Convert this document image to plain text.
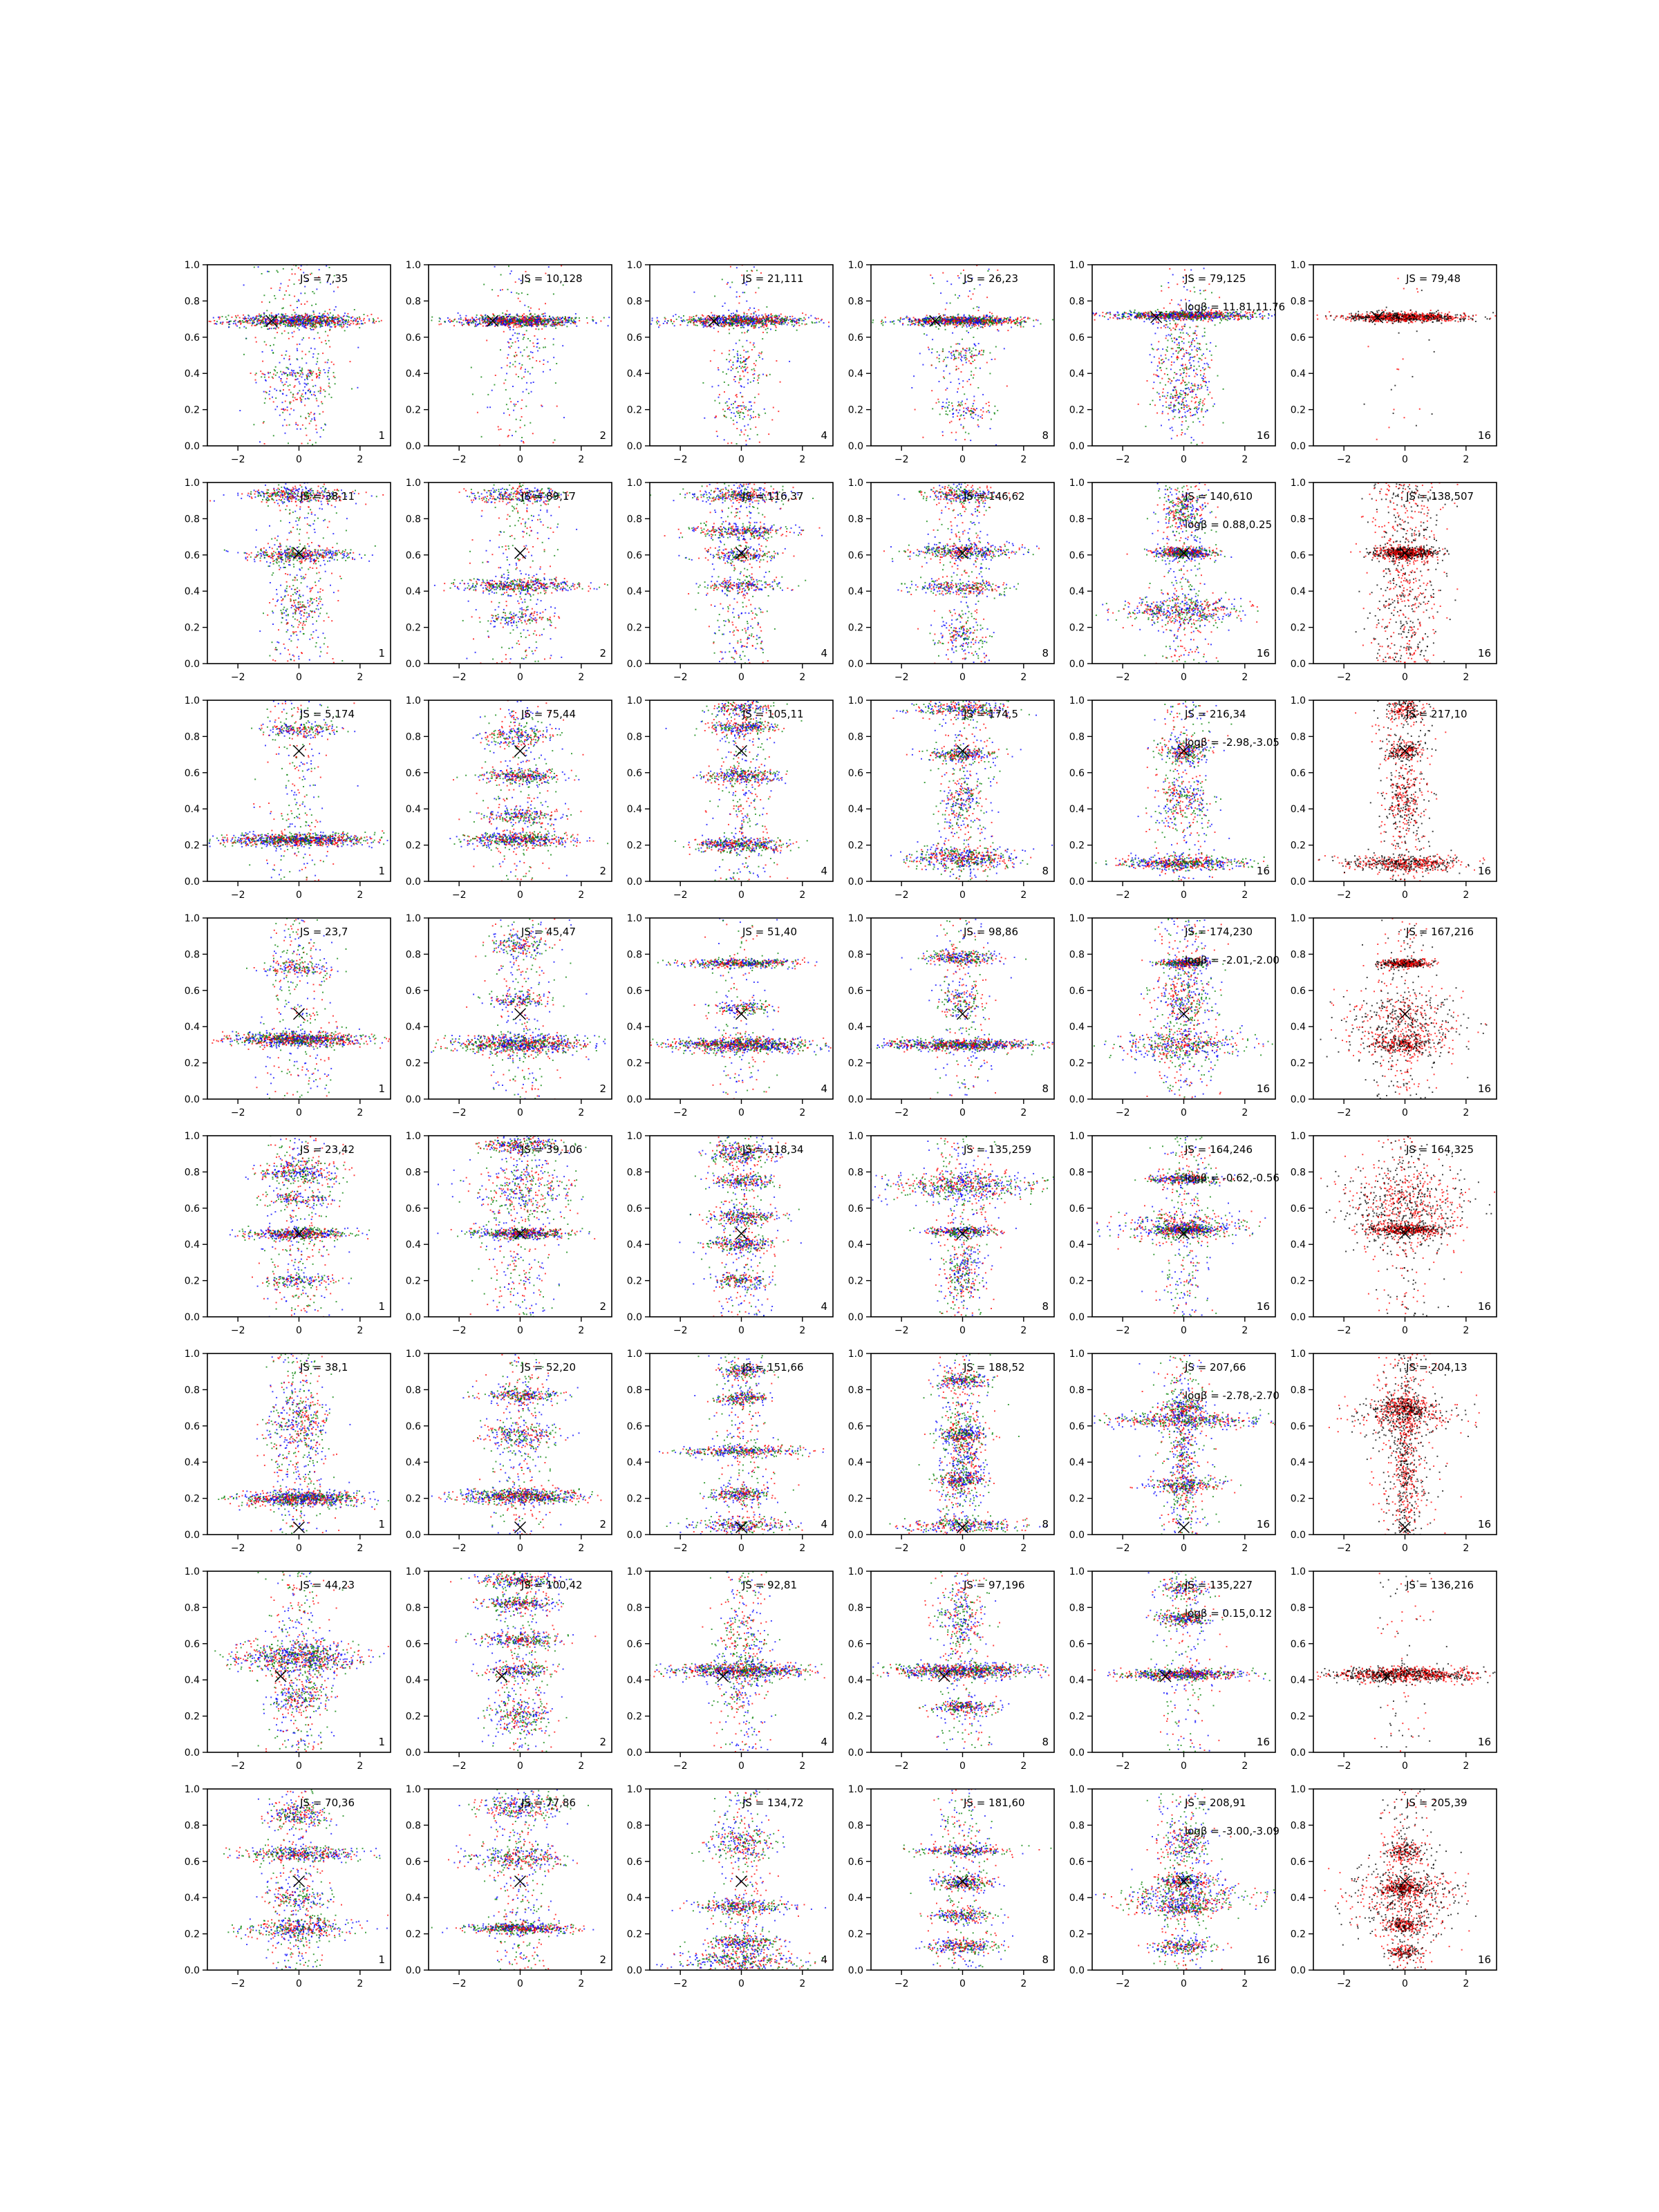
−2	0	2
0.0
0.2
0.4
0.6
0.8
1.0
JS = 7,35
1
−2	0	2
0.0
0.2
0.4
0.6
0.8
1.0
JS = 10,128
2
−2	0	2
0.0
0.2
0.4
0.6
0.8
1.0
JS = 21,111
4
−2	0	2
0.0
0.2
0.4
0.6
0.8
1.0
JS = 26,23
8
−2	0	2
0.0
0.2
0.4
0.6
0.8
1.0
JS = 79,125
logβ = 11.81,11.76
16
−2	0	2
0.0
0.2
0.4
0.6
0.8
1.0
JS = 79,48
16
−2	0	2
0.0
0.2
0.4
0.6
0.8
1.0
JS = 38,11
1
−2	0	2
0.0
0.2
0.4
0.6
0.8
1.0
JS = 89,17
2
−2	0	2
0.0
0.2
0.4
0.6
0.8
1.0
JS = 116,37
4
−2	0	2
0.0
0.2
0.4
0.6
0.8
1.0
JS = 146,62
8
−2	0	2
0.0
0.2
0.4
0.6
0.8
1.0
JS = 140,610
logβ = 0.88,0.25
16
−2	0	2
0.0
0.2
0.4
0.6
0.8
1.0
JS = 138,507
16
−2	0	2
0.0
0.2
0.4
0.6
0.8
1.0
JS = 5,174
1
−2	0	2
0.0
0.2
0.4
0.6
0.8
1.0
JS = 75,44
2
−2	0	2
0.0
0.2
0.4
0.6
0.8
1.0
JS = 105,11
4
−2	0	2
0.0
0.2
0.4
0.6
0.8
1.0
JS = 174,5
8
−2	0	2
0.0
0.2
0.4
0.6
0.8
1.0
JS = 216,34
logβ = -2.98,-3.05
16
−2	0	2
0.0
0.2
0.4
0.6
0.8
1.0
JS = 217,10
16
−2	0	2
0.0
0.2
0.4
0.6
0.8
1.0
JS = 23,7
1
−2	0	2
0.0
0.2
0.4
0.6
0.8
1.0
JS = 45,47
2
−2	0	2
0.0
0.2
0.4
0.6
0.8
1.0
JS = 51,40
4
−2	0	2
0.0
0.2
0.4
0.6
0.8
1.0
JS = 98,86
8
−2	0	2
0.0
0.2
0.4
0.6
0.8
1.0
JS = 174,230
logβ = -2.01,-2.00
16
−2	0	2
0.0
0.2
0.4
0.6
0.8
1.0
JS = 167,216
16
−2	0	2
0.0
0.2
0.4
0.6
0.8
1.0
JS = 23,42
1
−2	0	2
0.0
0.2
0.4
0.6
0.8
1.0
JS = 39,106
2
−2	0	2
0.0
0.2
0.4
0.6
0.8
1.0
JS = 118,34
4
−2	0	2
0.0
0.2
0.4
0.6
0.8
1.0
JS = 135,259
8
−2	0	2
0.0
0.2
0.4
0.6
0.8
1.0
JS = 164,246
logβ = -0.62,-0.56
16
−2	0	2
0.0
0.2
0.4
0.6
0.8
1.0
JS = 164,325
16
−2	0	2
0.0
0.2
0.4
0.6
0.8
1.0
JS = 38,1
1
−2	0	2
0.0
0.2
0.4
0.6
0.8
1.0
JS = 52,20
2
−2	0	2
0.0
0.2
0.4
0.6
0.8
1.0
JS = 151,66
4
−2	0	2
0.0
0.2
0.4
0.6
0.8
1.0
JS = 188,52
8
−2	0	2
0.0
0.2
0.4
0.6
0.8
1.0
JS = 207,66
logβ = -2.78,-2.70
16
−2	0	2
0.0
0.2
0.4
0.6
0.8
1.0
JS = 204,13
16
−2	0	2
0.0
0.2
0.4
0.6
0.8
1.0
JS = 44,23
1
−2	0	2
0.0
0.2
0.4
0.6
0.8
1.0
JS = 100,42
2
−2	0	2
0.0
0.2
0.4
0.6
0.8
1.0
JS = 92,81
4
−2	0	2
0.0
0.2
0.4
0.6
0.8
1.0
JS = 97,196
8
−2	0	2
0.0
0.2
0.4
0.6
0.8
1.0
JS = 135,227
logβ = 0.15,0.12
16
−2	0	2
0.0
0.2
0.4
0.6
0.8
1.0
JS = 136,216
16
−2	0	2
0.0
0.2
0.4
0.6
0.8
1.0
JS = 70,36
1
−2	0	2
0.0
0.2
0.4
0.6
0.8
1.0
JS = 77,86
2
−2	0	2
0.0
0.2
0.4
0.6
0.8
1.0
JS = 134,72
4
−2	0	2
0.0
0.2
0.4
0.6
0.8
1.0
JS = 181,60
8
−2	0	2
0.0
0.2
0.4
0.6
0.8
1.0
JS = 208,91
logβ = -3.00,-3.09
16
−2	0	2
0.0
0.2
0.4
0.6
0.8
1.0
JS = 205,39
16
